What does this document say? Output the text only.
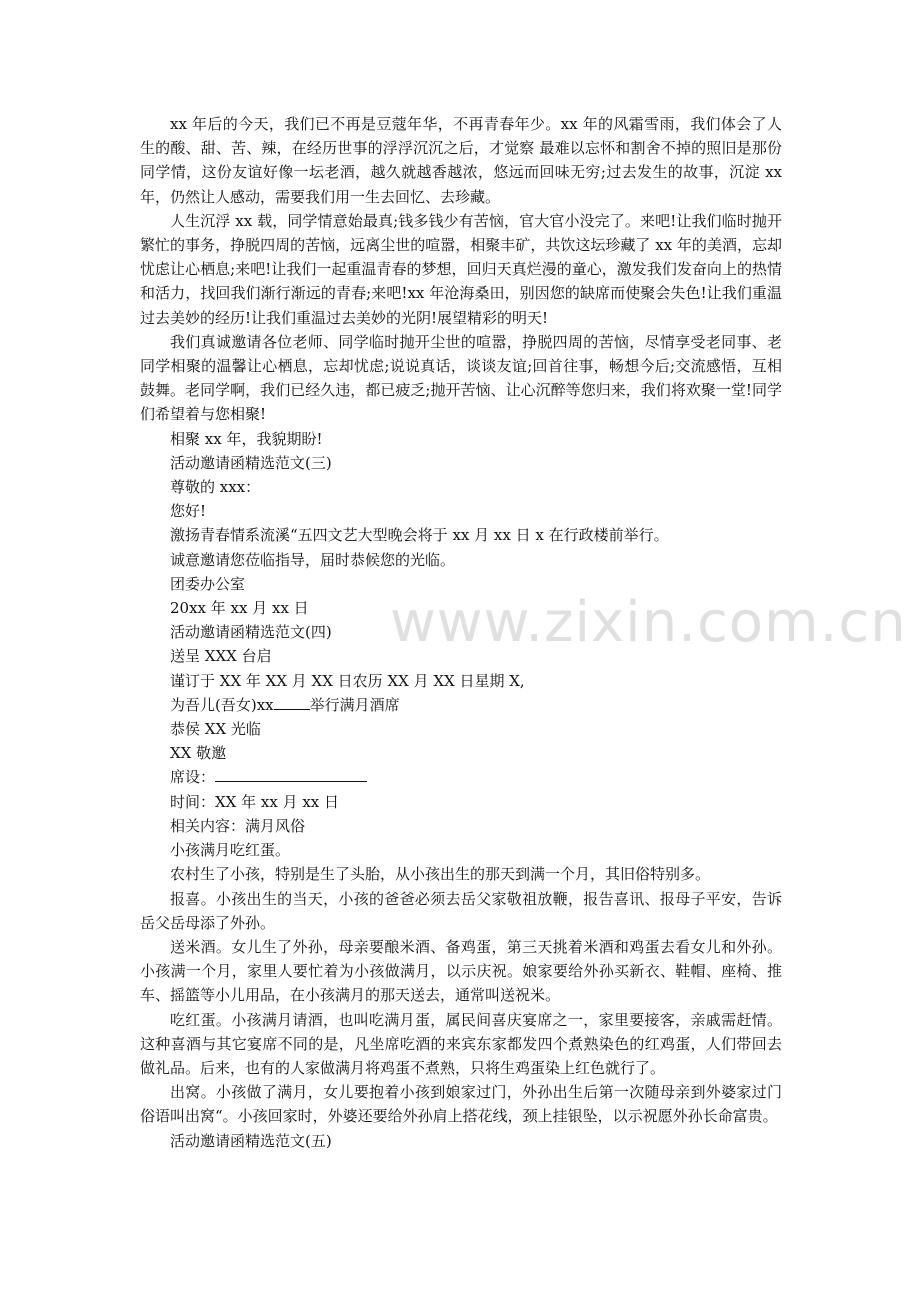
www.zixin.com.cn

xx 年后的今天，我们已不再是豆蔻年华，不再青春年少。xx 年的风霜雪雨，我们体会了人生的酸、甜、苦、辣，在经历世事的浮浮沉沉之后，才觉察 最难以忘怀和割舍不掉的照旧是那份同学情，这份友谊好像一坛老酒，越久就越香越浓，悠远而回味无穷;过去发生的故事，沉淀 xx 年，仍然让人感动，需要我们用一生去回忆、去珍藏。

人生沉浮 xx 载，同学情意始最真;钱多钱少有苦恼，官大官小没完了。来吧!让我们临时抛开繁忙的事务，挣脱四周的苦恼，远离尘世的喧嚣，相聚丰矿，共饮这坛珍藏了 xx 年的美酒，忘却忧虑让心栖息;来吧!让我们一起重温青春的梦想，回归天真烂漫的童心，激发我们发奋向上的热情和活力，找回我们渐行渐远的青春;来吧!xx 年沧海桑田，别因您的缺席而使聚会失色!让我们重温过去美妙的经历!让我们重温过去美妙的光阴!展望精彩的明天!

我们真诚邀请各位老师、同学临时抛开尘世的喧嚣，挣脱四周的苦恼，尽情享受老同事、老同学相聚的温馨让心栖息，忘却忧虑;说说真话，谈谈友谊;回首往事，畅想今后;交流感悟，互相鼓舞。老同学啊，我们已经久违，都已疲乏;抛开苦恼、让心沉醉等您归来，我们将欢聚一堂!同学们希望着与您相聚!

相聚 xx 年，我貌期盼!

活动邀请函精选范文(三)

尊敬的 xxx：

您好!

激扬青春情系流溪“五四文艺大型晚会将于 xx 月 xx 日 x 在行政楼前举行。

诚意邀请您莅临指导，届时恭候您的光临。

团委办公室

20xx 年 xx 月 xx 日

活动邀请函精选范文(四)

送呈 XXX 台启

谨订于 XX 年 XX 月 XX 日农历 XX 月 XX 日星期 X,

为吾儿(吾女)xx 举行满月酒席

恭侯 XX 光临

XX 敬邀

席设：

时间：XX 年 xx 月 xx 日

相关内容：满月风俗

小孩满月吃红蛋。

农村生了小孩，特别是生了头胎，从小孩出生的那天到满一个月，其旧俗特别多。

报喜。小孩出生的当天，小孩的爸爸必须去岳父家敬祖放鞭，报告喜讯、报母子平安，告诉岳父岳母添了外孙。

送米酒。女儿生了外孙，母亲要酿米酒、备鸡蛋，第三天挑着米酒和鸡蛋去看女儿和外孙。小孩满一个月，家里人要忙着为小孩做满月，以示庆祝。娘家要给外孙买新衣、鞋帽、座椅、推车、摇篮等小儿用品，在小孩满月的那天送去，通常叫送祝米。

吃红蛋。小孩满月请酒，也叫吃满月蛋，属民间喜庆宴席之一，家里要接客，亲戚需赶情。这种喜酒与其它宴席不同的是，凡坐席吃酒的来宾东家都发四个煮熟染色的红鸡蛋，人们带回去做礼品。后来，也有的人家做满月将鸡蛋不煮熟，只将生鸡蛋染上红色就行了。

出窝。小孩做了满月，女儿要抱着小孩到娘家过门，外孙出生后第一次随母亲到外婆家过门俗语叫出窝“。小孩回家时，外婆还要给外孙肩上搭花线，颈上挂银坠，以示祝愿外孙长命富贵。

活动邀请函精选范文(五)
